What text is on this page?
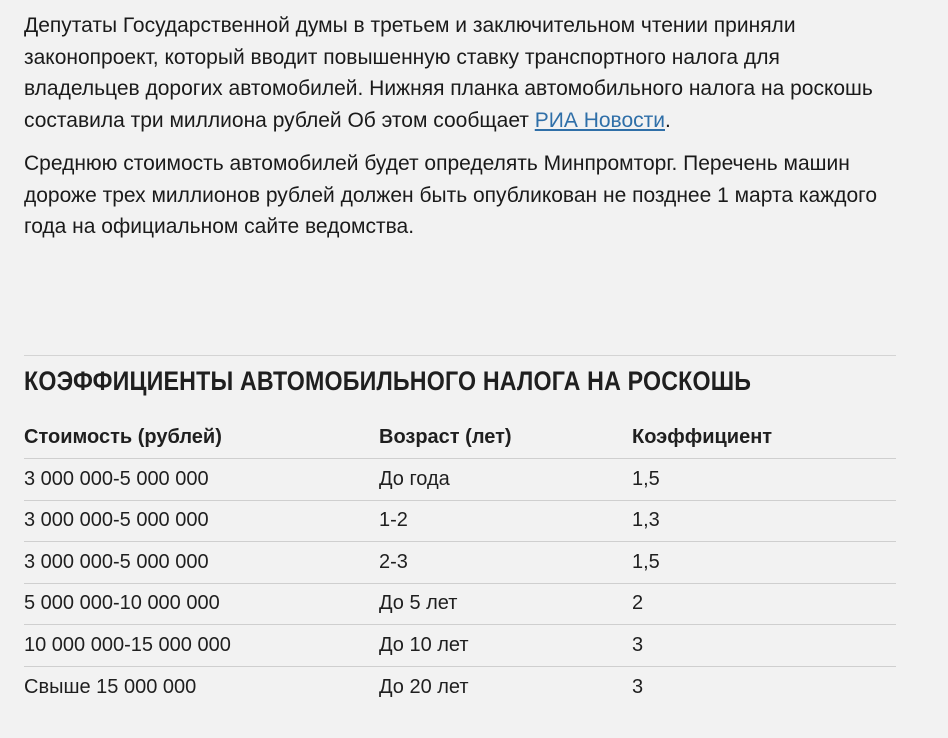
Депутаты Государственной думы в третьем и заключительном чтении приняли законопроект, который вводит повышенную ставку транспортного налога для владельцев дорогих автомобилей. Нижняя планка автомобильного налога на роскошь составила три миллиона рублей Об этом сообщает РИА Новости.

Среднюю стоимость автомобилей будет определять Минпромторг. Перечень машин дороже трех миллионов рублей должен быть опубликован не позднее 1 марта каждого года на официальном сайте ведомства.

КОЭФФИЦИЕНТЫ АВТОМОБИЛЬНОГО НАЛОГА НА РОСКОШЬ
Стоимость (рублей)	Возраст (лет)	Коэффициент
3 000 000-5 000 000	До года	1,5
3 000 000-5 000 000	1-2	1,3
3 000 000-5 000 000	2-3	1,5
5 000 000-10 000 000	До 5 лет	2
10 000 000-15 000 000	До 10 лет	3
Свыше 15 000 000	До 20 лет	3
